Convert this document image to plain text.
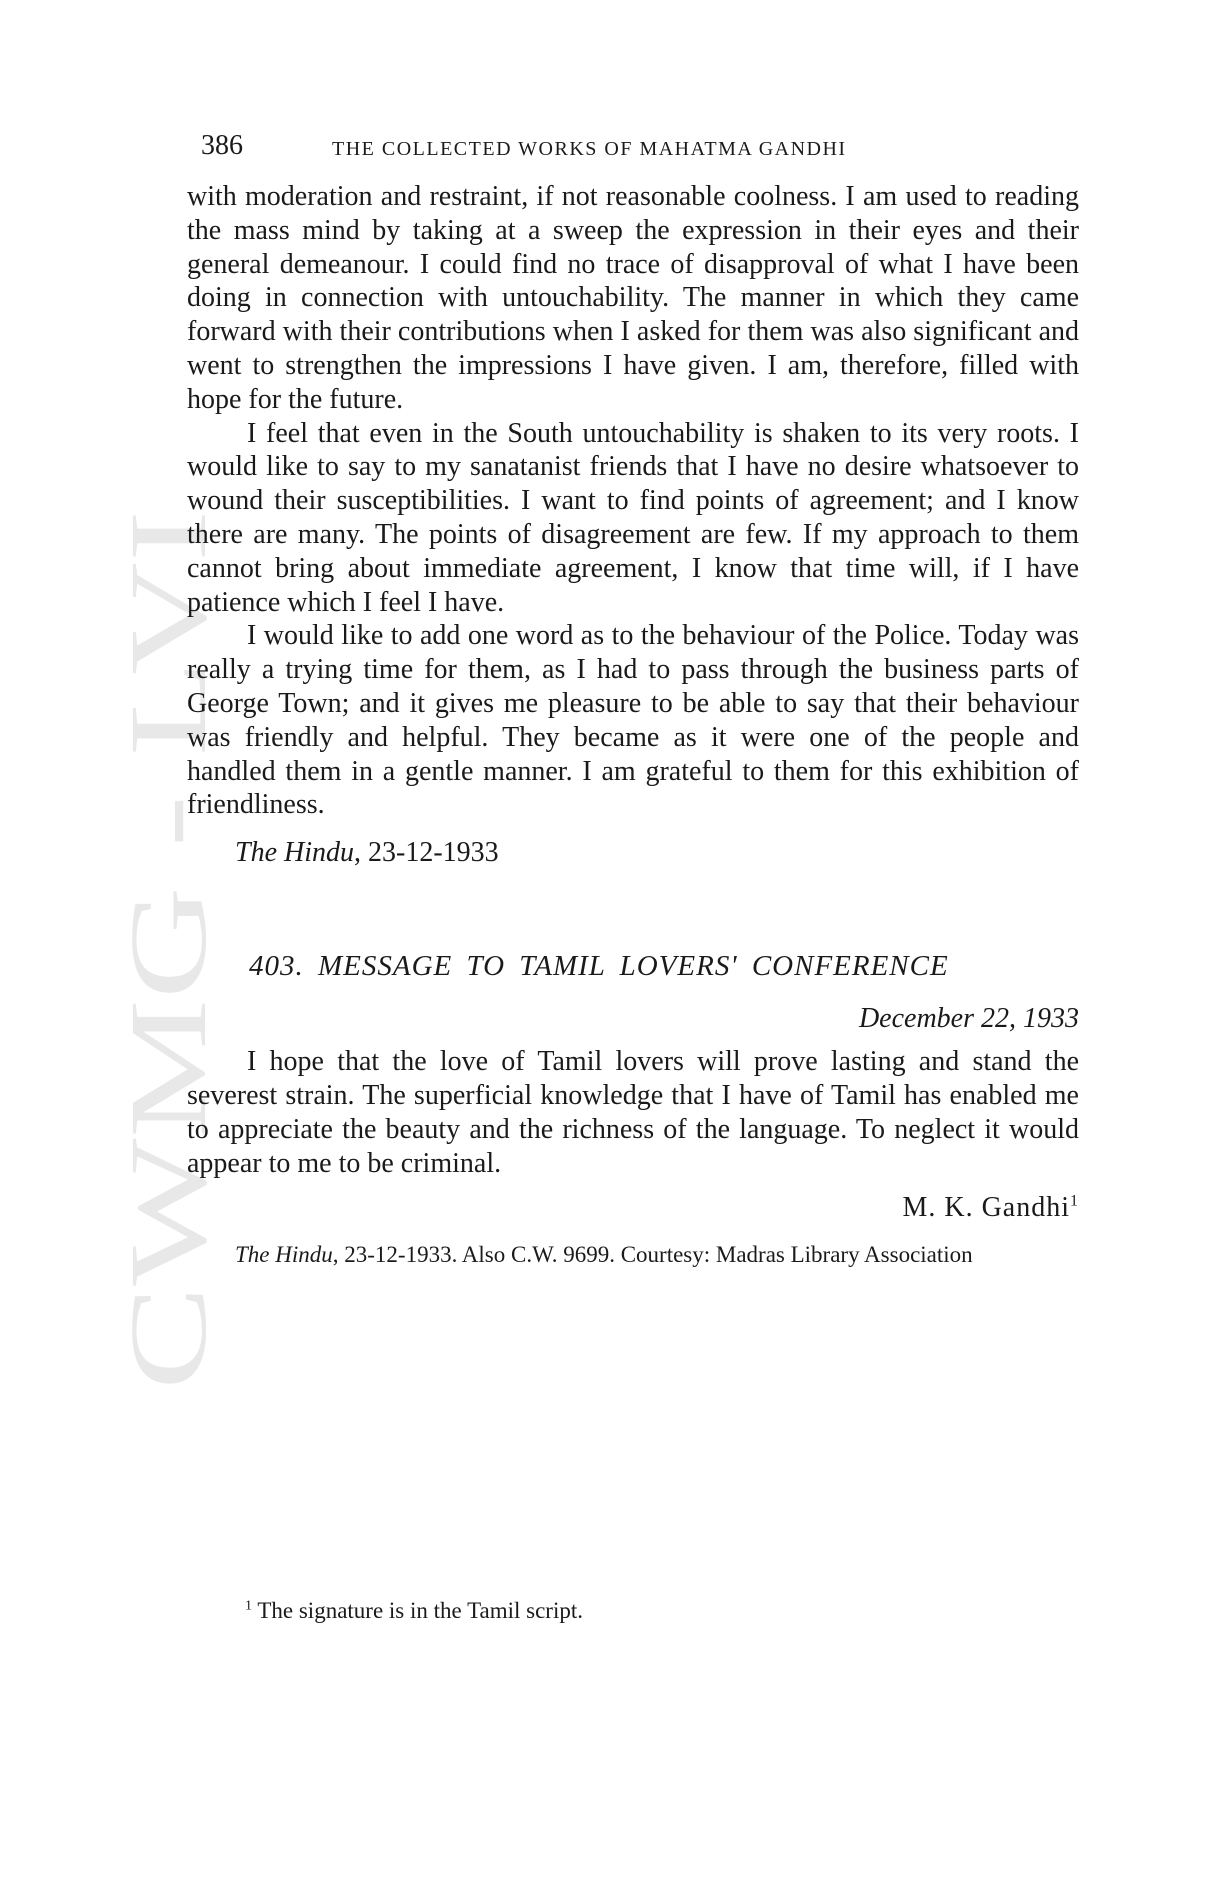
CWMG LVI
386	THE COLLECTED WORKS OF MAHATMA GANDHI

with moderation and restraint, if not reasonable coolness. I am used to reading the mass mind by taking at a sweep the expression in their eyes and their general demeanour. I could find no trace of disapproval of what I have been doing in connection with untouchability. The manner in which they came forward with their contributions when I asked for them was also significant and went to strengthen the impressions I have given. I am, therefore, filled with hope for the future.

I feel that even in the South untouchability is shaken to its very roots. I would like to say to my sanatanist friends that I have no desire whatsoever to wound their susceptibilities. I want to find points of agreement; and I know there are many. The points of disagreement are few. If my approach to them cannot bring about immediate agreement, I know that time will, if I have patience which I feel I have.

I would like to add one word as to the behaviour of the Police. Today was really a trying time for them, as I had to pass through the business parts of George Town; and it gives me pleasure to be able to say that their behaviour was friendly and helpful. They became as it were one of the people and handled them in a gentle manner. I am grateful to them for this exhibition of friendliness.

The Hindu, 23-12-1933

403. MESSAGE TO TAMIL LOVERS' CONFERENCE

December 22, 1933

I hope that the love of Tamil lovers will prove lasting and stand the severest strain. The superficial knowledge that I have of Tamil has enabled me to appreciate the beauty and the richness of the language. To neglect it would appear to me to be criminal.

M. K. Gandhi$^1$

The Hindu, 23-12-1933. Also C.W. 9699. Courtesy: Madras Library Association

$^1$ The signature is in the Tamil script.
